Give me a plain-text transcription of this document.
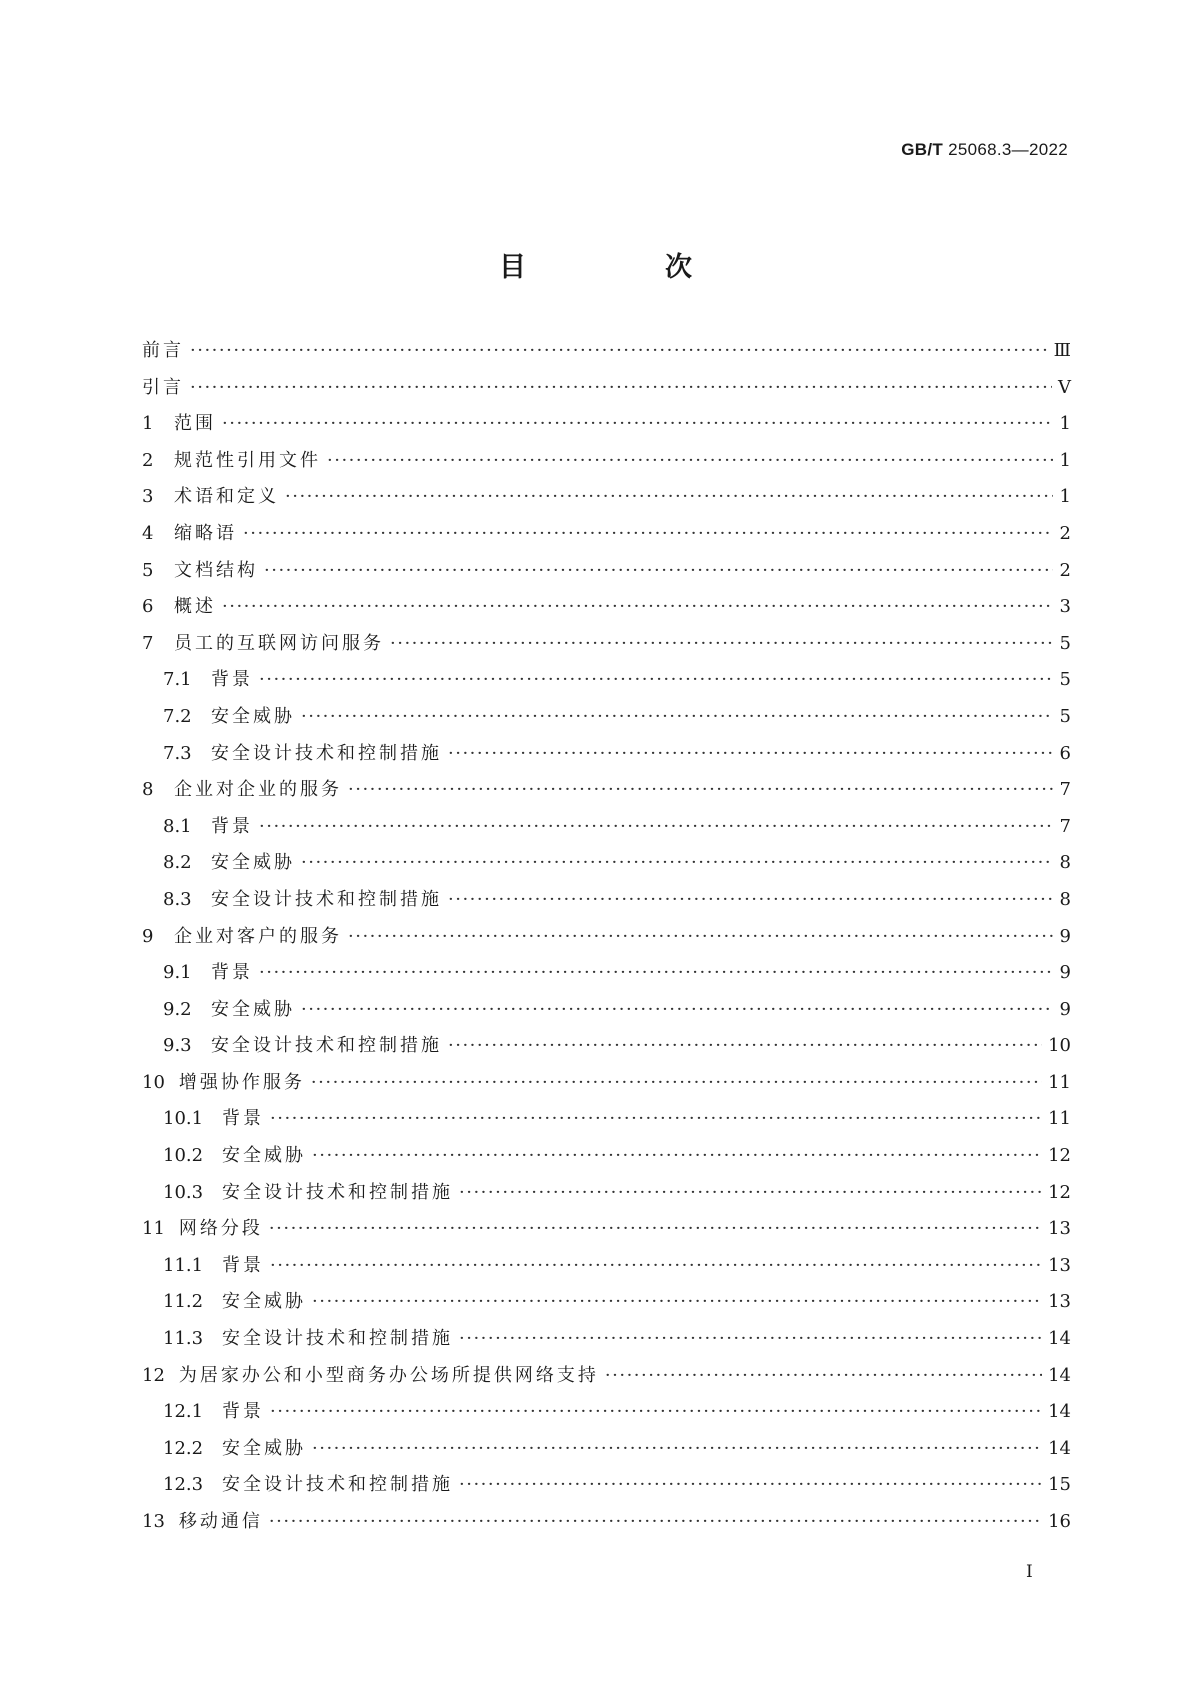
GB/T 25068.3—2022
目　次
前言 ·····	Ⅲ
引言 ·····	Ⅴ
1	范围 ·····	1
2	规范性引用文件 ·····	1
3	术语和定义 ·····	1
4	缩略语 ·····	2
5	文档结构 ·····	2
6	概述 ·····	3
7	员工的互联网访问服务 ·····	5
7.1 背景 ·····	5
7.2 安全威胁 ·····	5
7.3 安全设计技术和控制措施 ·····	6
8	企业对企业的服务 ·····	7
8.1 背景 ·····	7
8.2 安全威胁 ·····	8
8.3 安全设计技术和控制措施 ·····	8
9	企业对客户的服务 ·····	9
9.1 背景 ·····	9
9.2 安全威胁 ·····	9
9.3 安全设计技术和控制措施 ·····	10
10 增强协作服务 ·····	11
10.1 背景 ·····	11
10.2 安全威胁 ·····	12
10.3 安全设计技术和控制措施 ·····	12
11 网络分段 ·····	13
11.1 背景 ·····	13
11.2 安全威胁 ·····	13
11.3 安全设计技术和控制措施 ·····	14
12 为居家办公和小型商务办公场所提供网络支持 ·····	14
12.1 背景 ·····	14
12.2 安全威胁 ·····	14
12.3 安全设计技术和控制措施 ·····	15
13 移动通信 ·····	16
Ⅰ
